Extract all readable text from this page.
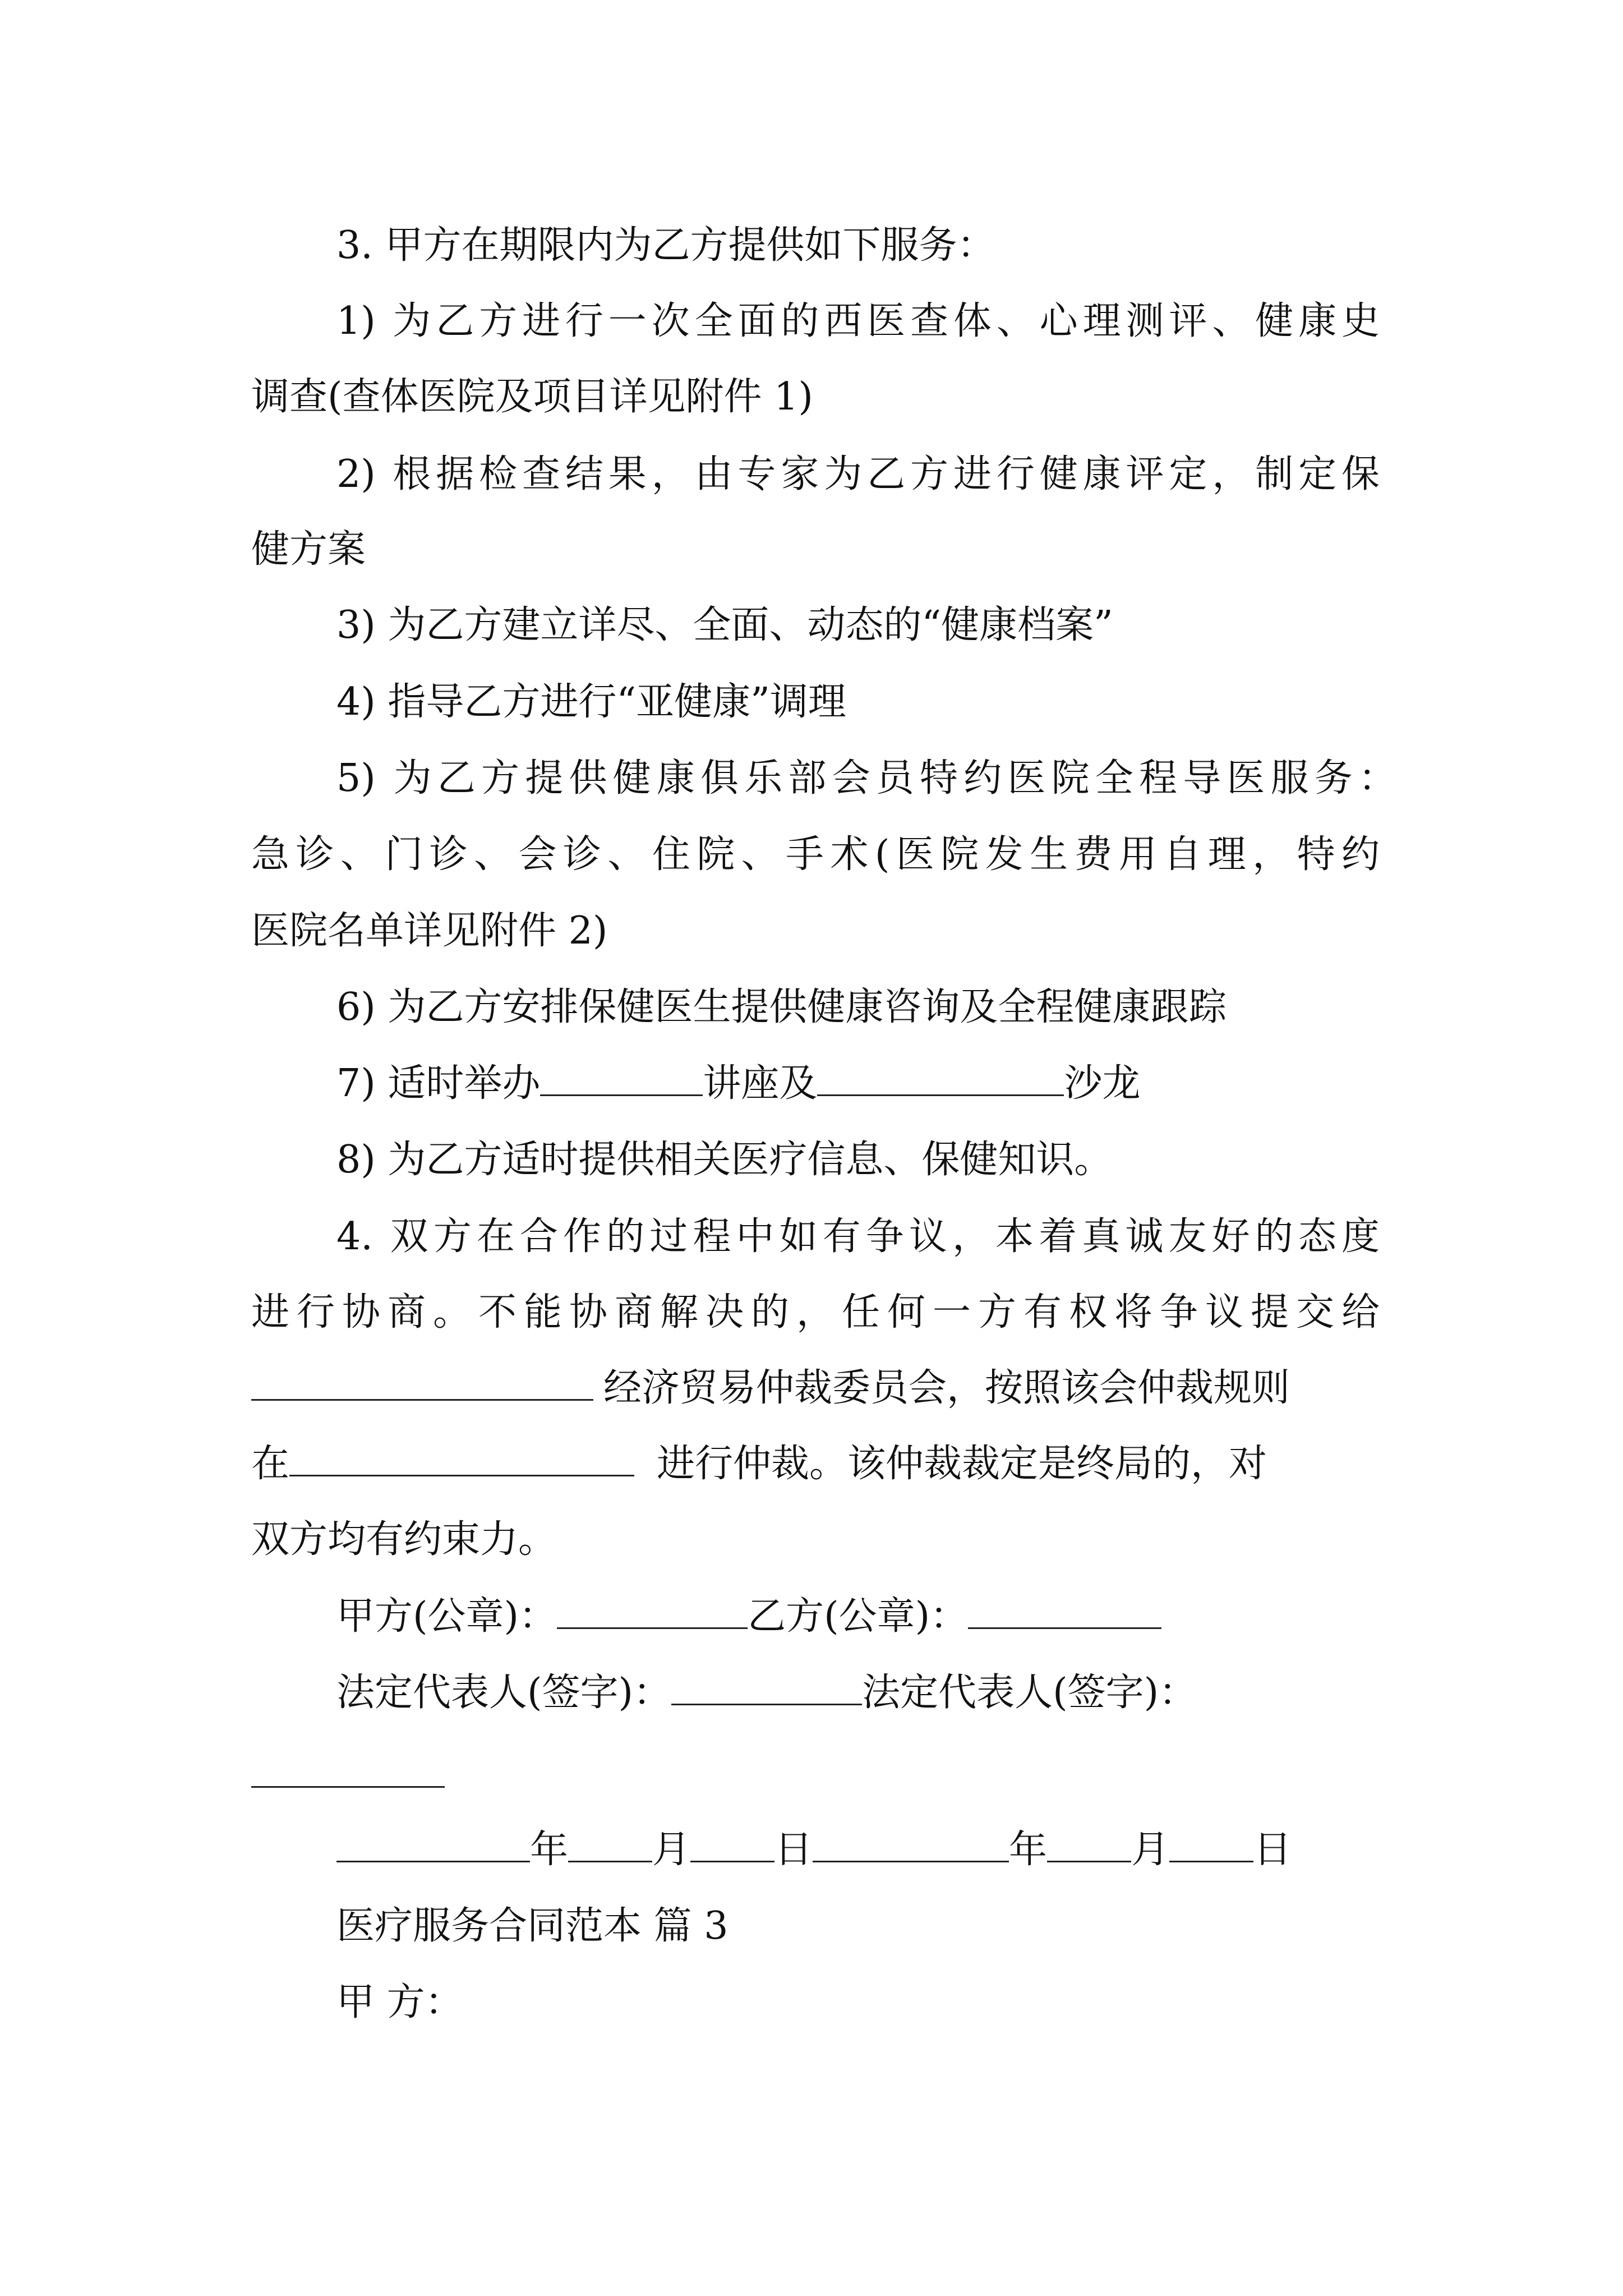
3. 甲方在期限内为乙方提供如下服务：
1) 为乙方进行一次全面的西医查体、心理测评、健康史
调查(查体医院及项目详见附件 1)
2) 根据检查结果，由专家为乙方进行健康评定，制定保
健方案
3) 为乙方建立详尽、全面、动态的“健康档案”
4) 指导乙方进行“亚健康”调理
5) 为乙方提供健康俱乐部会员特约医院全程导医服务：
急诊、门诊、会诊、住院、手术(医院发生费用自理，特约
医院名单详见附件 2)
6) 为乙方安排保健医生提供健康咨询及全程健康跟踪
7) 适时举办	讲座及	沙龙
8) 为乙方适时提供相关医疗信息、保健知识。
4. 双方在合作的过程中如有争议，本着真诚友好的态度
进行协商。不能协商解决的，任何一方有权将争议提交给
经济贸易仲裁委员会，按照该会仲裁规则
在	进行仲裁。该仲裁裁定是终局的，对
双方均有约束力。
甲方(公章)：	乙方(公章)：
法定代表人(签字)：	法定代表人(签字)：
年 月 日	年 月 日
医疗服务合同范本 篇 3
甲 方：
